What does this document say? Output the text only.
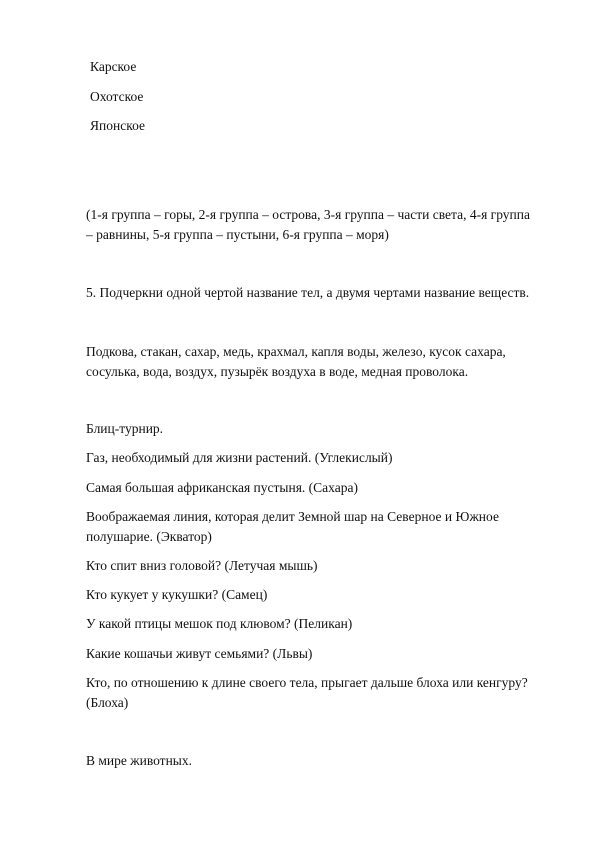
Карское
Охотское
Японское
(1-я группа – горы, 2-я группа – острова, 3-я группа – части света, 4-я группа
– равнины, 5-я группа – пустыни, 6-я группа – моря)
5. Подчеркни одной чертой название тел, а двумя чертами название веществ.
Подкова, стакан, сахар, медь, крахмал, капля воды, железо, кусок сахара,
сосулька, вода, воздух, пузырёк воздуха в воде, медная проволока.
Блиц-турнир.
Газ, необходимый для жизни растений. (Углекислый)
Самая большая африканская пустыня. (Сахара)
Воображаемая линия, которая делит Земной шар на Северное и Южное
полушарие. (Экватор)
Кто спит вниз головой? (Летучая мышь)
Кто кукует у кукушки? (Самец)
У какой птицы мешок под клювом? (Пеликан)
Какие кошачьи живут семьями? (Львы)
Кто, по отношению к длине своего тела, прыгает дальше блоха или кенгуру?
(Блоха)
В мире животных.
